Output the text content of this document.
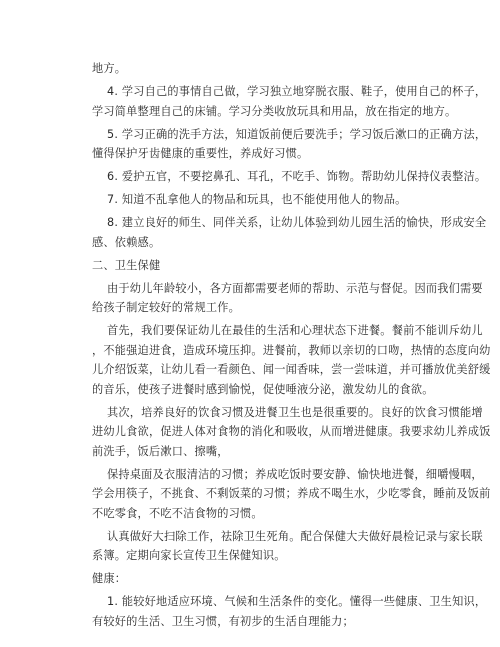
地方。
4. 学习自己的事情自己做，学习独立地穿脱衣服、鞋子，使用自己的杯子，
学习简单整理自己的床铺。学习分类收放玩具和用品，放在指定的地方。
5. 学习正确的洗手方法，知道饭前便后要洗手；学习饭后漱口的正确方法，
懂得保护牙齿健康的重要性，养成好习惯。
6. 爱护五官，不要挖鼻孔、耳孔，不吃手、饰物。帮助幼儿保持仪表整洁。
7. 知道不乱拿他人的物品和玩具，也不能使用他人的物品。
8. 建立良好的师生、同伴关系，让幼儿体验到幼儿园生活的愉快，形成安全
感、依赖感。
二、卫生保健
由于幼儿年龄较小，各方面都需要老师的帮助、示范与督促。因而我们需要
给孩子制定较好的常规工作。
首先，我们要保证幼儿在最佳的生活和心理状态下进餐。餐前不能训斥幼儿
，不能强迫进食，造成环境压抑。进餐前，教师以亲切的口吻，热情的态度向幼
儿介绍饭菜，让幼儿看一看颜色、闻一闻香味，尝一尝味道，并可播放优美舒缓
的音乐，使孩子进餐时感到愉悦，促使唾液分泌，激发幼儿的食欲。
其次，培养良好的饮食习惯及进餐卫生也是很重要的。良好的饮食习惯能增
进幼儿食欲，促进人体对食物的消化和吸收，从而增进健康。我要求幼儿养成饭
前洗手，饭后漱口、擦嘴，
保持桌面及衣服清洁的习惯；养成吃饭时要安静、愉快地进餐，细嚼慢咽，
学会用筷子，不挑食、不剩饭菜的习惯；养成不喝生水，少吃零食，睡前及饭前
不吃零食，不吃不洁食物的习惯。
认真做好大扫除工作，祛除卫生死角。配合保健大夫做好晨检记录与家长联
系簿。定期向家长宣传卫生保健知识。
健康：
1. 能较好地适应环境、气候和生活条件的变化。懂得一些健康、卫生知识，
有较好的生活、卫生习惯，有初步的生活自理能力；
